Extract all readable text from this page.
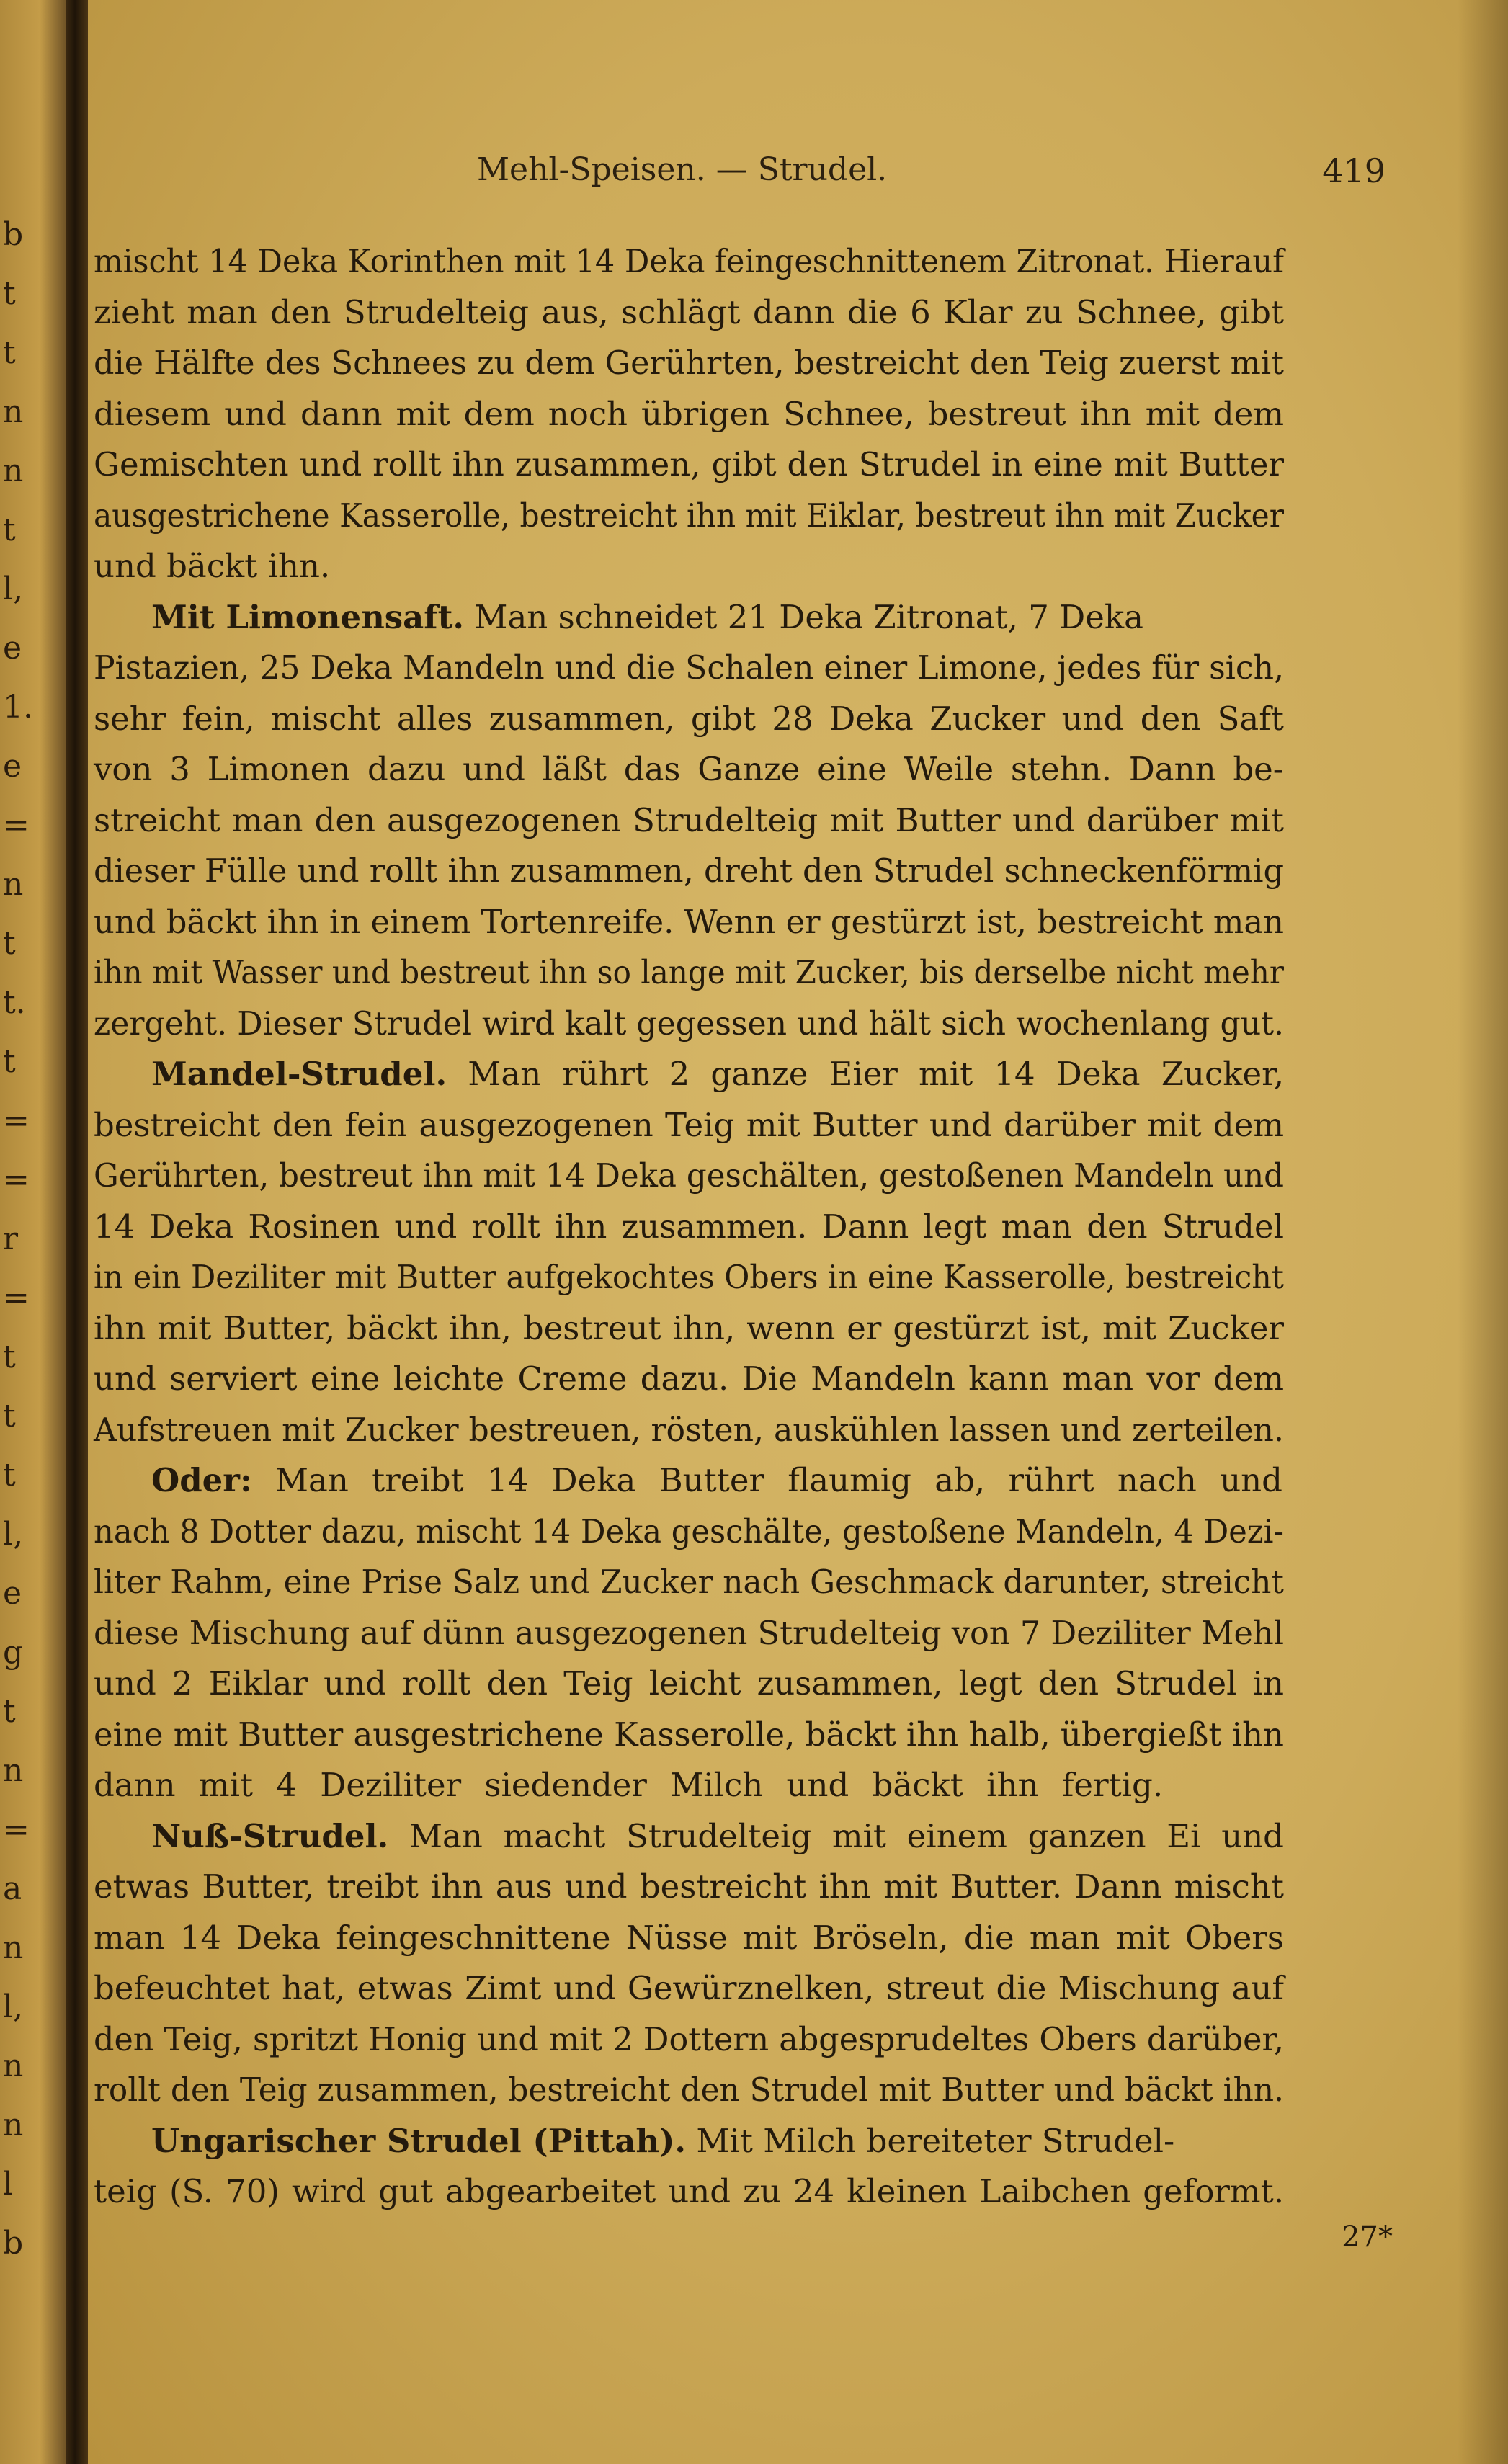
b
t
t
n
n
t
l,
e
1.
e
=
n
t
t.
t
=
=
r
=
t
t
t
l,
e
g
t
n
=
a
n
l,
n
n
l
b
Mehl-Speisen. — Strudel.	419
mischt 14 Deka Korinthen mit 14 Deka feingeschnittenem Zitronat. Hierauf
zieht man den Strudelteig aus, schlägt dann die 6 Klar zu Schnee, gibt
die Hälfte des Schnees zu dem Gerührten, bestreicht den Teig zuerst mit
diesem und dann mit dem noch übrigen Schnee, bestreut ihn mit dem
Gemischten und rollt ihn zusammen, gibt den Strudel in eine mit Butter
ausgestrichene Kasserolle, bestreicht ihn mit Eiklar, bestreut ihn mit Zucker
und bäckt ihn.
Mit Limonensaft. Man schneidet 21 Deka Zitronat, 7 Deka
Pistazien, 25 Deka Mandeln und die Schalen einer Limone, jedes für sich,
sehr fein, mischt alles zusammen, gibt 28 Deka Zucker und den Saft
von 3 Limonen dazu und läßt das Ganze eine Weile stehn. Dann be-
streicht man den ausgezogenen Strudelteig mit Butter und darüber mit
dieser Fülle und rollt ihn zusammen, dreht den Strudel schneckenförmig
und bäckt ihn in einem Tortenreife. Wenn er gestürzt ist, bestreicht man
ihn mit Wasser und bestreut ihn so lange mit Zucker, bis derselbe nicht mehr
zergeht. Dieser Strudel wird kalt gegessen und hält sich wochenlang gut.
Mandel-Strudel. Man rührt 2 ganze Eier mit 14 Deka Zucker,
bestreicht den fein ausgezogenen Teig mit Butter und darüber mit dem
Gerührten, bestreut ihn mit 14 Deka geschälten, gestoßenen Mandeln und
14 Deka Rosinen und rollt ihn zusammen. Dann legt man den Strudel
in ein Deziliter mit Butter aufgekochtes Obers in eine Kasserolle, bestreicht
ihn mit Butter, bäckt ihn, bestreut ihn, wenn er gestürzt ist, mit Zucker
und serviert eine leichte Creme dazu. Die Mandeln kann man vor dem
Aufstreuen mit Zucker bestreuen, rösten, auskühlen lassen und zerteilen.
Oder: Man treibt 14 Deka Butter flaumig ab, rührt nach und
nach 8 Dotter dazu, mischt 14 Deka geschälte, gestoßene Mandeln, 4 Dezi-
liter Rahm, eine Prise Salz und Zucker nach Geschmack darunter, streicht
diese Mischung auf dünn ausgezogenen Strudelteig von 7 Deziliter Mehl
und 2 Eiklar und rollt den Teig leicht zusammen, legt den Strudel in
eine mit Butter ausgestrichene Kasserolle, bäckt ihn halb, übergießt ihn
dann mit 4 Deziliter siedender Milch und bäckt ihn fertig.
Nuß-Strudel. Man macht Strudelteig mit einem ganzen Ei und
etwas Butter, treibt ihn aus und bestreicht ihn mit Butter. Dann mischt
man 14 Deka feingeschnittene Nüsse mit Bröseln, die man mit Obers
befeuchtet hat, etwas Zimt und Gewürznelken, streut die Mischung auf
den Teig, spritzt Honig und mit 2 Dottern abgesprudeltes Obers darüber,
rollt den Teig zusammen, bestreicht den Strudel mit Butter und bäckt ihn.
Ungarischer Strudel (Pittah). Mit Milch bereiteter Strudel-
teig (S. 70) wird gut abgearbeitet und zu 24 kleinen Laibchen geformt.
27*
